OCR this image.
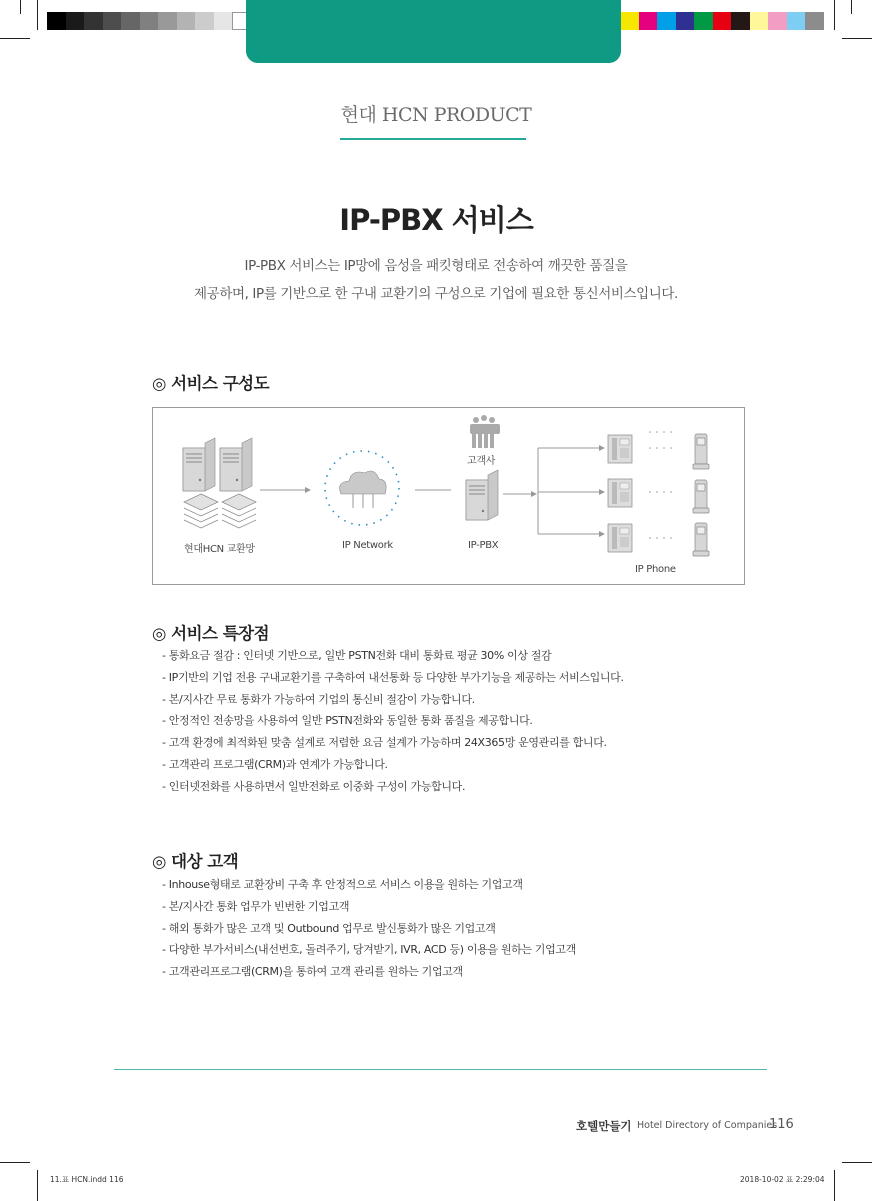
현대 HCN PRODUCT
IP-PBX 서비스
IP-PBX 서비스는 IP망에 음성을 패킷형태로 전송하여 깨끗한 품질을
제공하며, IP를 기반으로 한 구내 교환기의 구성으로 기업에 필요한 통신서비스입니다.
◎ 서비스 구성도
고객사
현대HCN 교환망	IP Network	IP-PBX
IP Phone
◎ 서비스 특장점
- 통화요금 절감 : 인터넷 기반으로, 일반 PSTN전화 대비 통화료 평균 30% 이상 절감
- IP기반의 기업 전용 구내교환기를 구축하여 내선통화 등 다양한 부가기능을 제공하는 서비스입니다.
- 본/지사간 무료 통화가 가능하여 기업의 통신비 절감이 가능합니다.
- 안정적인 전송망을 사용하여 일반 PSTN전화와 동일한 통화 품질을 제공합니다.
- 고객 환경에 최적화된 맞춤 설계로 저렴한 요금 설계가 가능하며 24X365망 운영관리를 합니다.
- 고객관리 프로그램(CRM)과 연계가 가능합니다.
- 인터넷전화를 사용하면서 일반전화로 이중화 구성이 가능합니다.
◎ 대상 고객
- Inhouse형태로 교환장비 구축 후 안정적으로 서비스 이용을 원하는 기업고객
- 본/지사간 통화 업무가 빈번한 기업고객
- 해외 통화가 많은 고객 및 Outbound 업무로 발신통화가 많은 기업고객
- 다양한 부가서비스(내선번호, 돌려주기, 당겨받기, IVR, ACD 등) 이용을 원하는 기업고객
- 고객관리프로그램(CRM)을 통하여 고객 관리를 원하는 기업고객
호텔만들기 Hotel Directory of Companies
116
11.표 HCN.indd 116	2018-10-02 표 2:29:04
